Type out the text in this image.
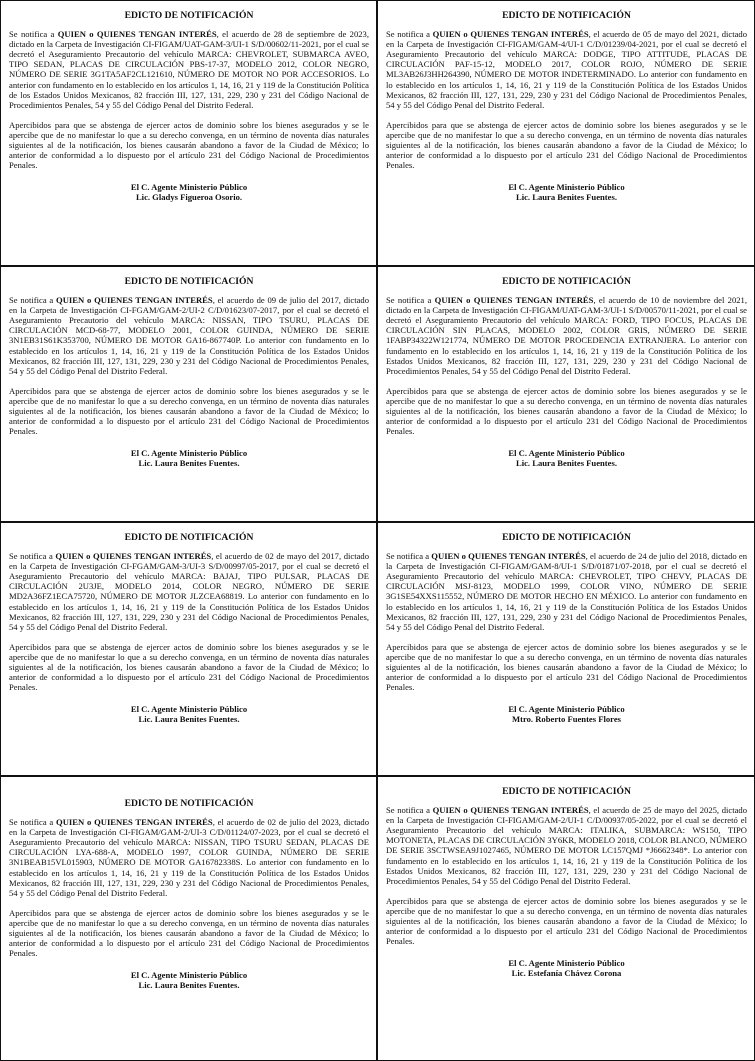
EDICTO DE NOTIFICACIÓN

Se notifica a QUIEN o QUIENES TENGAN INTERÉS, el acuerdo de 28 de septiembre de 2023, dictado en la Carpeta de Investigación CI-FIGAM/UAT-GAM-3/UI-1 S/D/00602/11-2021, por el cual se decretó el Aseguramiento Precautorio del vehículo MARCA: CHEVROLET, SUBMARCA AVEO, TIPO SEDAN, PLACAS DE CIRCULACIÓN PBS-17-37, MODELO 2012, COLOR NEGRO, NÚMERO DE SERIE 3G1TA5AF2CL121610, NÚMERO DE MOTOR NO POR ACCESORIOS. Lo anterior con fundamento en lo establecido en los artículos 1, 14, 16, 21 y 119 de la Constitución Política de los Estados Unidos Mexicanos, 82 fracción III, 127, 131, 229, 230 y 231 del Código Nacional de Procedimientos Penales, 54 y 55 del Código Penal del Distrito Federal.

Apercibidos para que se abstenga de ejercer actos de dominio sobre los bienes asegurados y se le apercibe que de no manifestar lo que a su derecho convenga, en un término de noventa días naturales siguientes al de la notificación, los bienes causarán abandono a favor de la Ciudad de México; lo anterior de conformidad a lo dispuesto por el artículo 231 del Código Nacional de Procedimientos Penales.

El C. Agente Ministerio Público
Lic. Gladys Figueroa Osorio.
EDICTO DE NOTIFICACIÓN

Se notifica a QUIEN o QUIENES TENGAN INTERÉS, el acuerdo de 05 de mayo del 2021, dictado en la Carpeta de Investigación CI-FIGAM/GAM-4/UI-1 C/D/01239/04-2021, por el cual se decretó el Aseguramiento Precautorio del vehículo MARCA: DODGE, TIPO ATTITUDE, PLACAS DE CIRCULACIÓN PAF-15-12, MODELO 2017, COLOR ROJO, NÚMERO DE SERIE ML3AB26J3HH264390, NÚMERO DE MOTOR INDETERMINADO. Lo anterior con fundamento en lo establecido en los artículos 1, 14, 16, 21 y 119 de la Constitución Política de los Estados Unidos Mexicanos, 82 fracción III, 127, 131, 229, 230 y 231 del Código Nacional de Procedimientos Penales, 54 y 55 del Código Penal del Distrito Federal.

Apercibidos para que se abstenga de ejercer actos de dominio sobre los bienes asegurados y se le apercibe que de no manifestar lo que a su derecho convenga, en un término de noventa días naturales siguientes al de la notificación, los bienes causarán abandono a favor de la Ciudad de México; lo anterior de conformidad a lo dispuesto por el artículo 231 del Código Nacional de Procedimientos Penales.

El C. Agente Ministerio Público
Lic. Laura Benites Fuentes.
EDICTO DE NOTIFICACIÓN

Se notifica a QUIEN o QUIENES TENGAN INTERÉS, el acuerdo de 09 de julio del 2017, dictado en la Carpeta de Investigación CI-FGAM/GAM-2/UI-2 C/D/01623/07-2017, por el cual se decretó el Aseguramiento Precautorio del vehículo MARCA: NISSAN, TIPO TSURU, PLACAS DE CIRCULACIÓN MCD-68-77, MODELO 2001, COLOR GUINDA, NÚMERO DE SERIE 3N1EB31S61K353700, NÚMERO DE MOTOR GA16-867740P. Lo anterior con fundamento en lo establecido en los artículos 1, 14, 16, 21 y 119 de la Constitución Política de los Estados Unidos Mexicanos, 82 fracción III, 127, 131, 229, 230 y 231 del Código Nacional de Procedimientos Penales, 54 y 55 del Código Penal del Distrito Federal.

Apercibidos para que se abstenga de ejercer actos de dominio sobre los bienes asegurados y se le apercibe que de no manifestar lo que a su derecho convenga, en un término de noventa días naturales siguientes al de la notificación, los bienes causarán abandono a favor de la Ciudad de México; lo anterior de conformidad a lo dispuesto por el artículo 231 del Código Nacional de Procedimientos Penales.

El C. Agente Ministerio Público
Lic. Laura Benites Fuentes.
EDICTO DE NOTIFICACIÓN

Se notifica a QUIEN o QUIENES TENGAN INTERÉS, el acuerdo de 10 de noviembre del 2021, dictado en la Carpeta de Investigación CI-FIGAM/UAT-GAM-3/UI-1 S/D/00570/11-2021, por el cual se decretó el Aseguramiento Precautorio del vehículo MARCA: FORD, TIPO FOCUS, PLACAS DE CIRCULACIÓN SIN PLACAS, MODELO 2002, COLOR GRIS, NÚMERO DE SERIE 1FABP34322W121774, NÚMERO DE MOTOR PROCEDENCIA EXTRANJERA. Lo anterior con fundamento en lo establecido en los artículos 1, 14, 16, 21 y 119 de la Constitución Política de los Estados Unidos Mexicanos, 82 fracción III, 127, 131, 229, 230 y 231 del Código Nacional de Procedimientos Penales, 54 y 55 del Código Penal del Distrito Federal.

Apercibidos para que se abstenga de ejercer actos de dominio sobre los bienes asegurados y se le apercibe que de no manifestar lo que a su derecho convenga, en un término de noventa días naturales siguientes al de la notificación, los bienes causarán abandono a favor de la Ciudad de México; lo anterior de conformidad a lo dispuesto por el artículo 231 del Código Nacional de Procedimientos Penales.

El C. Agente Ministerio Público
Lic. Laura Benites Fuentes.
EDICTO DE NOTIFICACIÓN

Se notifica a QUIEN o QUIENES TENGAN INTERÉS, el acuerdo de 02 de mayo del 2017, dictado en la Carpeta de Investigación CI-FGAM/GAM-3/UI-3 S/D/00997/05-2017, por el cual se decretó el Aseguramiento Precautorio del vehículo MARCA: BAJAJ, TIPO PULSAR, PLACAS DE CIRCULACIÓN 2U3JE, MODELO 2014, COLOR NEGRO, NÚMERO DE SERIE MD2A36FZ1ECA75720, NÚMERO DE MOTOR JLZCEA68819. Lo anterior con fundamento en lo establecido en los artículos 1, 14, 16, 21 y 119 de la Constitución Política de los Estados Unidos Mexicanos, 82 fracción III, 127, 131, 229, 230 y 231 del Código Nacional de Procedimientos Penales, 54 y 55 del Código Penal del Distrito Federal.

Apercibidos para que se abstenga de ejercer actos de dominio sobre los bienes asegurados y se le apercibe que de no manifestar lo que a su derecho convenga, en un término de noventa días naturales siguientes al de la notificación, los bienes causarán abandono a favor de la Ciudad de México; lo anterior de conformidad a lo dispuesto por el artículo 231 del Código Nacional de Procedimientos Penales.

El C. Agente Ministerio Público
Lic. Laura Benites Fuentes.
EDICTO DE NOTIFICACIÓN

Se notifica a QUIEN o QUIENES TENGAN INTERÉS, el acuerdo de 24 de julio del 2018, dictado en la Carpeta de Investigación CI-FIGAM/GAM-8/UI-1 S/D/01871/07-2018, por el cual se decretó el Aseguramiento Precautorio del vehículo MARCA: CHEVROLET, TIPO CHEVY, PLACAS DE CIRCULACIÓN MSJ-8123, MODELO 1999, COLOR VINO, NÚMERO DE SERIE 3G1SE54XXS115552, NÚMERO DE MOTOR HECHO EN MÉXICO. Lo anterior con fundamento en lo establecido en los artículos 1, 14, 16, 21 y 119 de la Constitución Política de los Estados Unidos Mexicanos, 82 fracción III, 127, 131, 229, 230 y 231 del Código Nacional de Procedimientos Penales, 54 y 55 del Código Penal del Distrito Federal.

Apercibidos para que se abstenga de ejercer actos de dominio sobre los bienes asegurados y se le apercibe que de no manifestar lo que a su derecho convenga, en un término de noventa días naturales siguientes al de la notificación, los bienes causarán abandono a favor de la Ciudad de México; lo anterior de conformidad a lo dispuesto por el artículo 231 del Código Nacional de Procedimientos Penales.

El C. Agente Ministerio Público
Mtro. Roberto Fuentes Flores
EDICTO DE NOTIFICACIÓN

Se notifica a QUIEN o QUIENES TENGAN INTERÉS, el acuerdo de 02 de julio del 2023, dictado en la Carpeta de Investigación CI-FIGAM/GAM-2/UI-3 C/D/01124/07-2023, por el cual se decretó el Aseguramiento Precautorio del vehículo MARCA: NISSAN, TIPO TSURU SEDAN, PLACAS DE CIRCULACIÓN LYA-688-A, MODELO 1997, COLOR GUINDA, NÚMERO DE SERIE 3N1BEAB15VL015903, NÚMERO DE MOTOR GA16782338S. Lo anterior con fundamento en lo establecido en los artículos 1, 14, 16, 21 y 119 de la Constitución Política de los Estados Unidos Mexicanos, 82 fracción III, 127, 131, 229, 230 y 231 del Código Nacional de Procedimientos Penales, 54 y 55 del Código Penal del Distrito Federal.

Apercibidos para que se abstenga de ejercer actos de dominio sobre los bienes asegurados y se le apercibe que de no manifestar lo que a su derecho convenga, en un término de noventa días naturales siguientes al de la notificación, los bienes causarán abandono a favor de la Ciudad de México; lo anterior de conformidad a lo dispuesto por el artículo 231 del Código Nacional de Procedimientos Penales.

El C. Agente Ministerio Público
Lic. Laura Benites Fuentes.
EDICTO DE NOTIFICACIÓN

Se notifica a QUIEN o QUIENES TENGAN INTERÉS, el acuerdo de 25 de mayo del 2025, dictado en la Carpeta de Investigación CI-FIGAM/GAM-2/UI-1 C/D/00937/05-2022, por el cual se decretó el Aseguramiento Precautorio del vehículo MARCA: ITALIKA, SUBMARCA: WS150, TIPO MOTONETA, PLACAS DE CIRCULACIÓN 3Y6KR, MODELO 2018, COLOR BLANCO, NÚMERO DE SERIE 3SCTWSEA9J1027465, NÚMERO DE MOTOR LC157QMJ *J6662348*. Lo anterior con fundamento en lo establecido en los artículos 1, 14, 16, 21 y 119 de la Constitución Política de los Estados Unidos Mexicanos, 82 fracción III, 127, 131, 229, 230 y 231 del Código Nacional de Procedimientos Penales, 54 y 55 del Código Penal del Distrito Federal.

Apercibidos para que se abstenga de ejercer actos de dominio sobre los bienes asegurados y se le apercibe que de no manifestar lo que a su derecho convenga, en un término de noventa días naturales siguientes al de la notificación, los bienes causarán abandono a favor de la Ciudad de México; lo anterior de conformidad a lo dispuesto por el artículo 231 del Código Nacional de Procedimientos Penales.

El C. Agente Ministerio Público
Lic. Estefanía Chávez Corona
